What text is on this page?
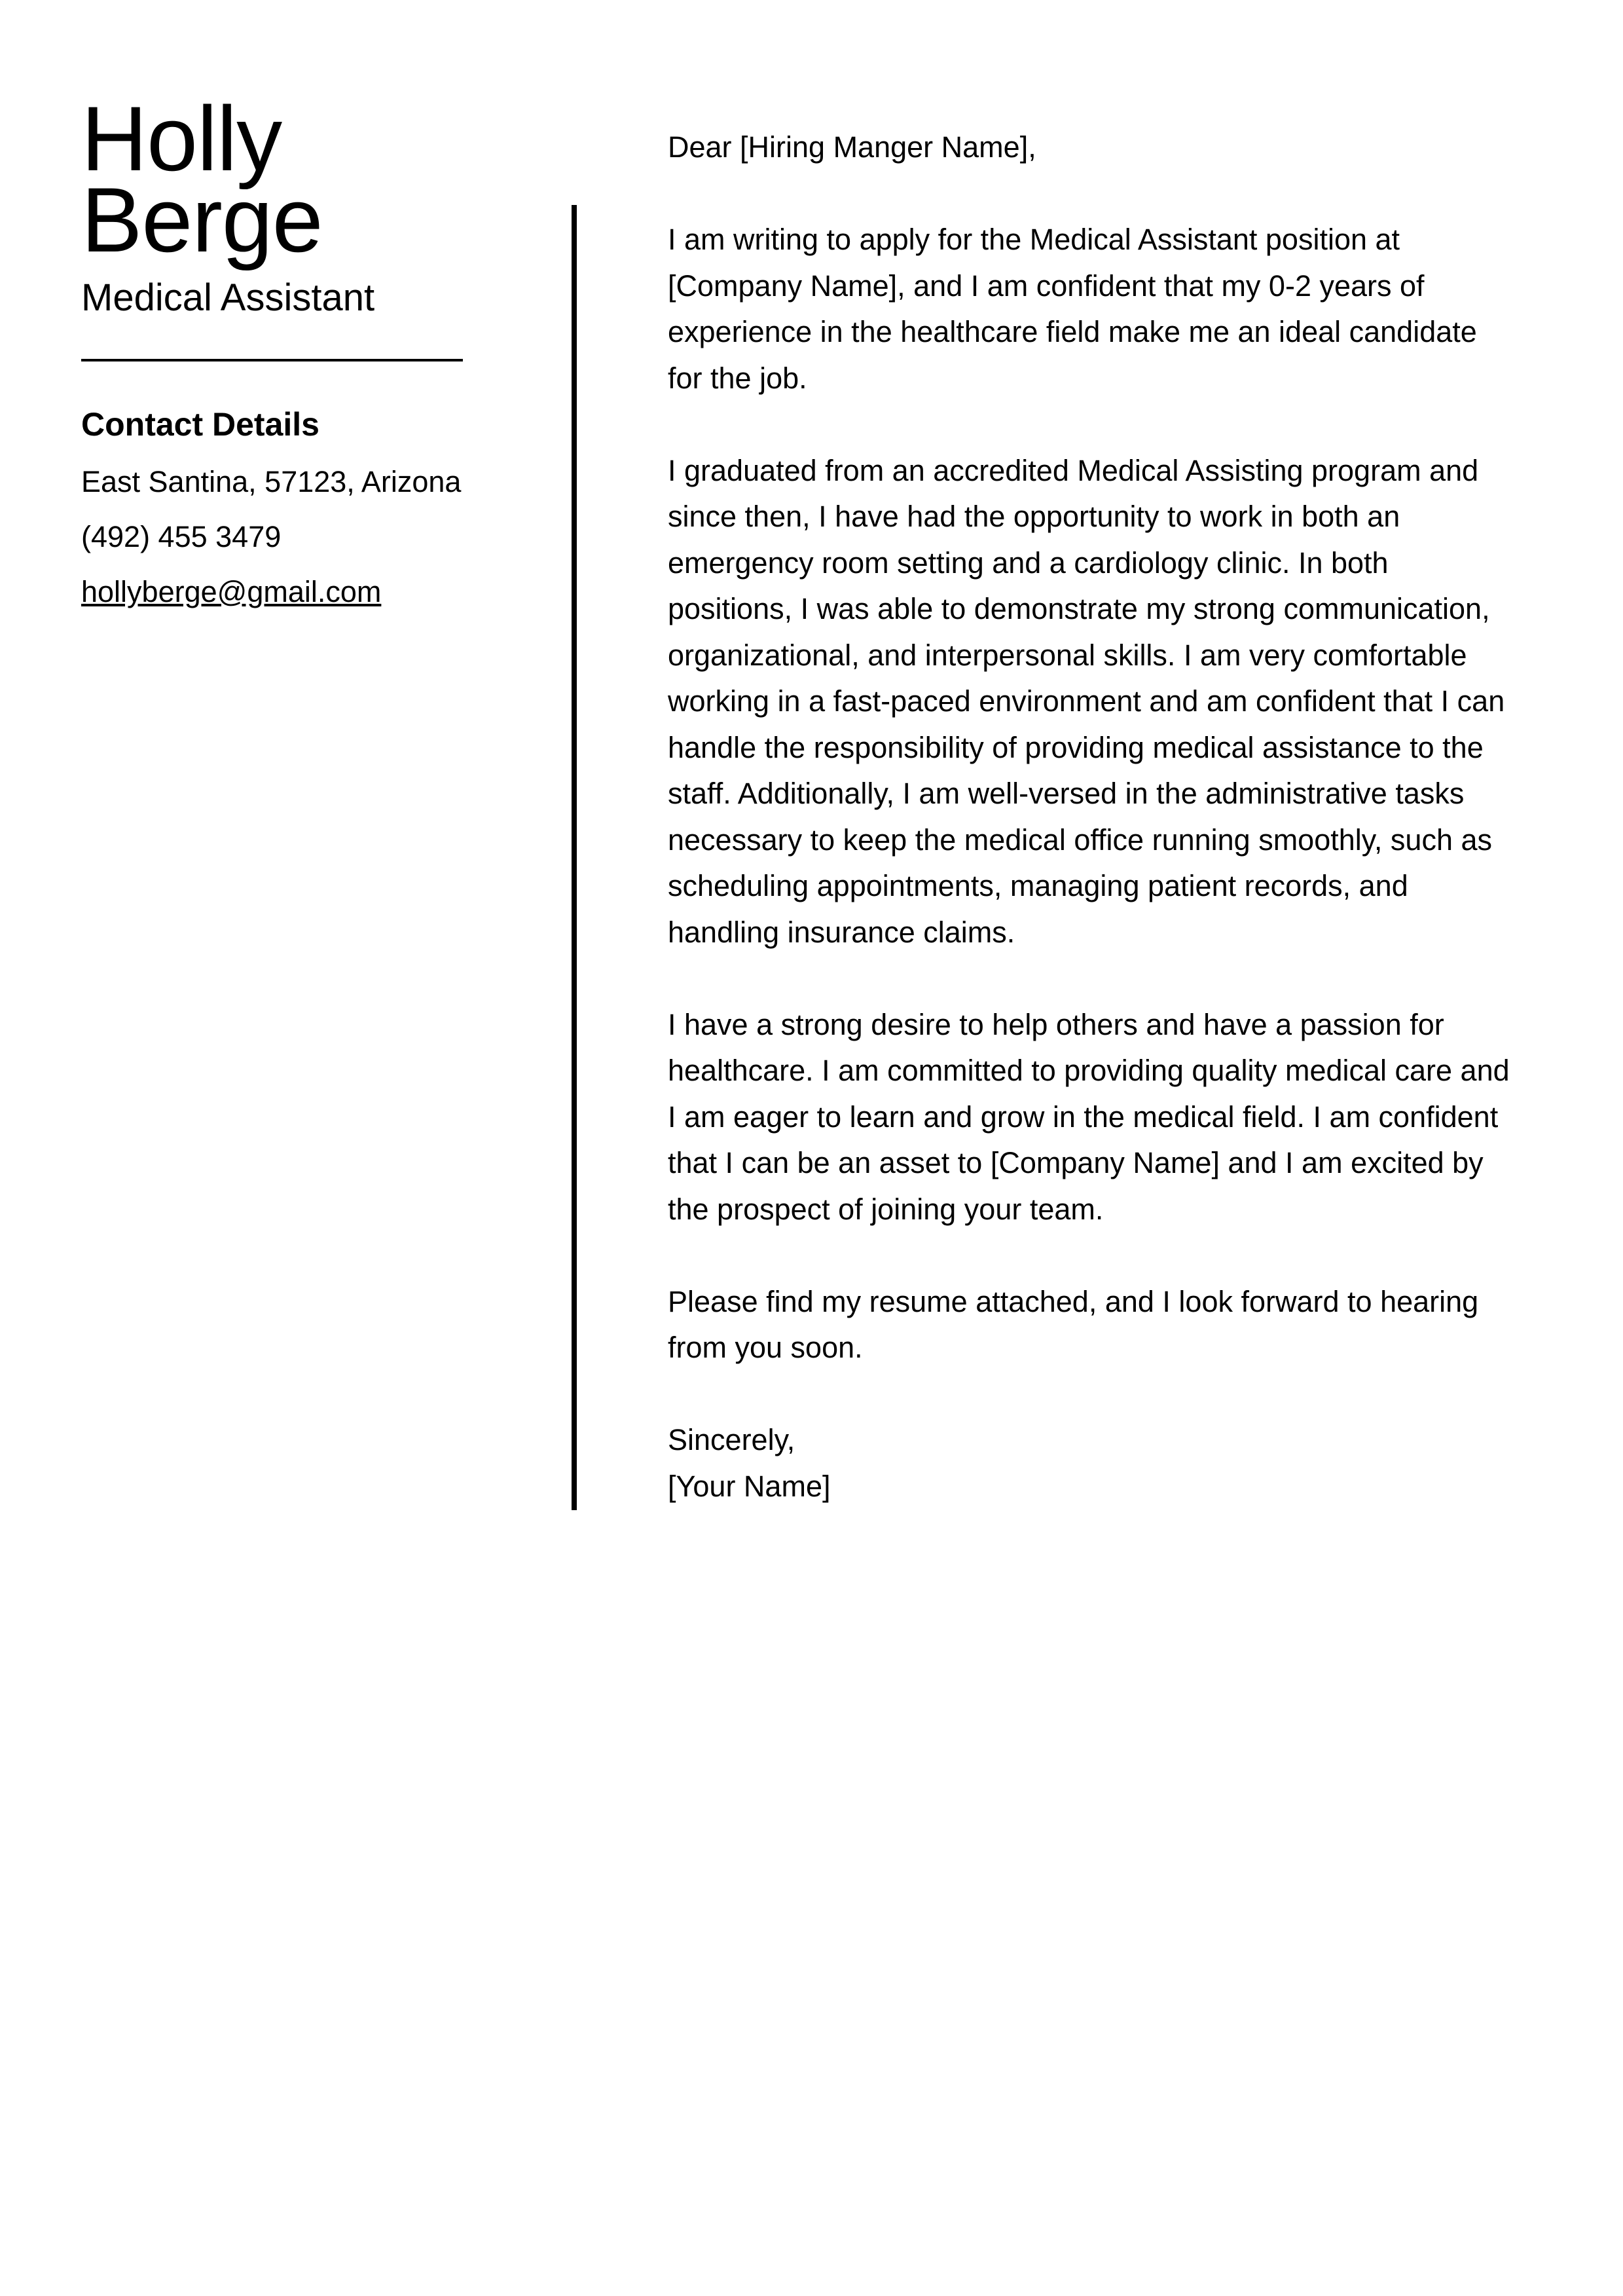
Holly
Berge
Medical Assistant
Contact Details
East Santina, 57123, Arizona
(492) 455 3479
hollyberge@gmail.com

Dear [Hiring Manger Name],

I am writing to apply for the Medical Assistant position at [Company Name], and I am confident that my 0-2 years of experience in the healthcare field make me an ideal candidate for the job.

I graduated from an accredited Medical Assisting program and since then, I have had the opportunity to work in both an emergency room setting and a cardiology clinic. In both positions, I was able to demonstrate my strong communication, organizational, and interpersonal skills. I am very comfortable working in a fast-paced environment and am confident that I can handle the responsibility of providing medical assistance to the staff. Additionally, I am well-versed in the administrative tasks necessary to keep the medical office running smoothly, such as scheduling appointments, managing patient records, and handling insurance claims.

I have a strong desire to help others and have a passion for healthcare. I am committed to providing quality medical care and I am eager to learn and grow in the medical field. I am confident that I can be an asset to [Company Name] and I am excited by the prospect of joining your team.

Please find my resume attached, and I look forward to hearing from you soon.

Sincerely,

[Your Name]
